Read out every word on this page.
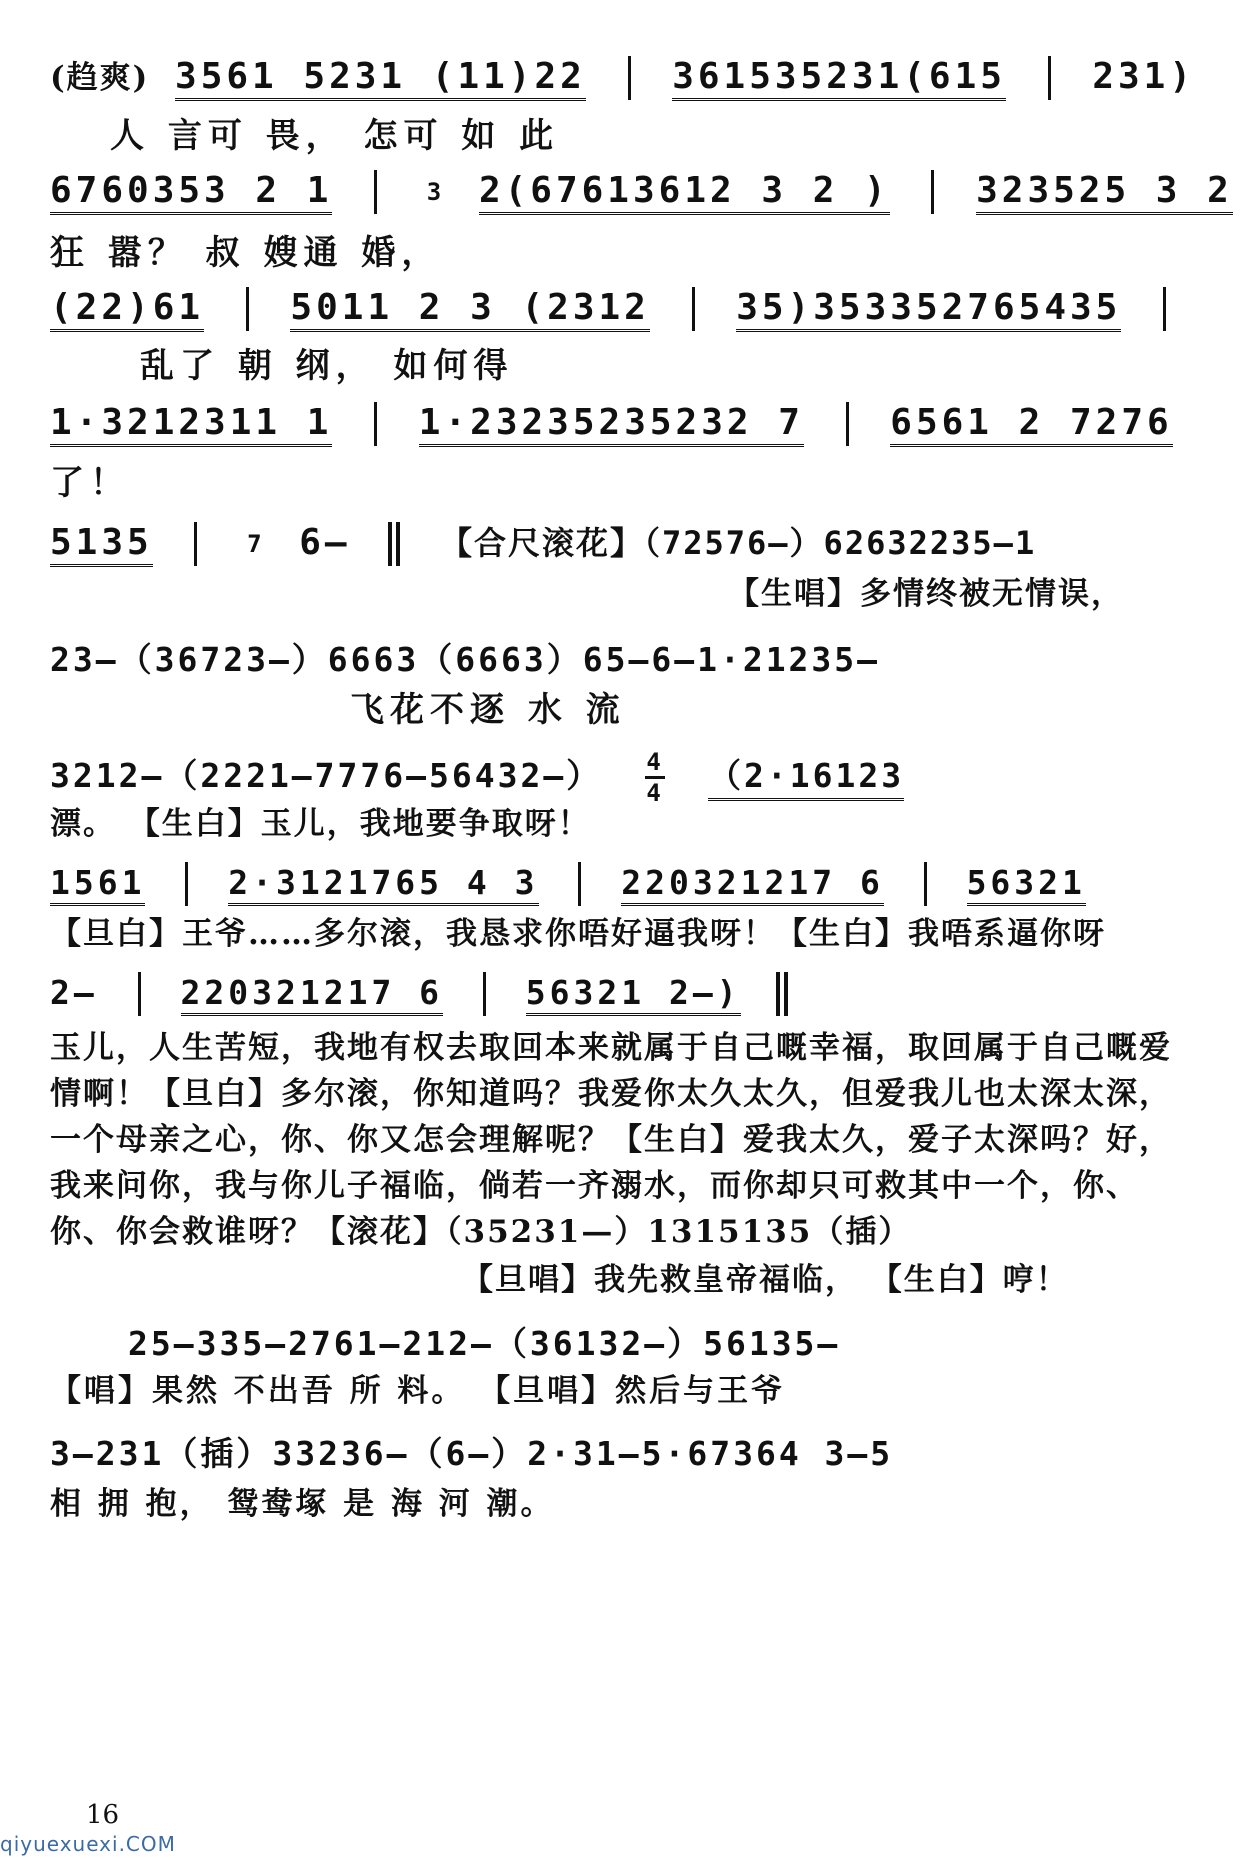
(趋爽) 3561 5231 (11)22 361535231(615 231)
人 言可 畏， 怎可 如 此
6760353 2 1	3 2(67613612 3 2 ) 323525 3 2
狂 嚣？ 叔 嫂通 婚，
(22)61 5011 2 3 (2312 35)353352765435
乱了 朝 纲， 如何得
1·3212311 1 1·23235235232 7 6561 2 7276
了！
5135	7 6—	【合尺滚花】（72576—）62632235—1
【生唱】多情终被无情误，
23—（36723—）6663（6663）65—6—1·21235—
飞花不逐 水 流
3212—（2221—7776—56432—） $\frac{4}{4} (2\cdot 16123$
漂。 【生白】玉儿，我地要争取呀！
1561	2·3121765 4 3	220321217 6	56321
【旦白】王爷……多尔滚，我恳求你唔好逼我呀！【生白】我唔系逼你呀
2—	220321217 6	56321 2—)
玉儿，人生苦短，我地有权去取回本来就属于自己嘅幸福，取回属于自己嘅爱
情啊！【旦白】多尔滚，你知道吗？我爱你太久太久，但爱我儿也太深太深，
一个母亲之心，你、你又怎会理解呢？【生白】爱我太久，爱子太深吗？好，
我来问你，我与你儿子福临，倘若一齐溺水，而你却只可救其中一个，你、
你、你会救谁呀？【滚花】（35231—）1315135（插）
【旦唱】我先救皇帝福临， 【生白】哼！
25—335—2761—212—（36132—）56135—
【唱】果然 不出吾 所 料。 【旦唱】然后与王爷
3—231（插）33236—（6—）2·31—5·67364 3—5
相 拥 抱， 鸳鸯塚 是 海 河 潮。
16
qiyuexuexi.COM
